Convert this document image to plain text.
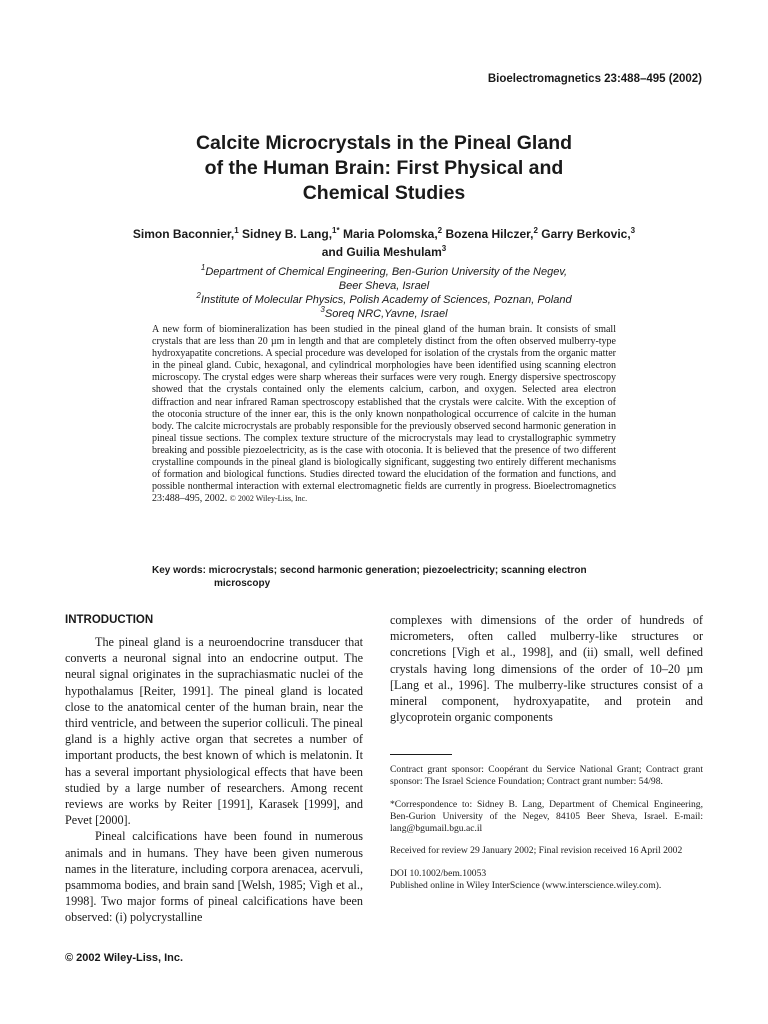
Bioelectromagnetics 23:488–495 (2002)
Calcite Microcrystals in the Pineal Gland
of the Human Brain: First Physical and
Chemical Studies
Simon Baconnier,$^1$ Sidney B. Lang,$^{1*}$ Maria Polomska,$^2$ Bozena Hilczer,$^2$ Garry Berkovic,$^3$
and Guilia Meshulam$^3$
$^1$Department of Chemical Engineering, Ben-Gurion University of the Negev,
Beer Sheva, Israel
$^2$Institute of Molecular Physics, Polish Academy of Sciences, Poznan, Poland
$^3$Soreq NRC,Yavne, Israel
A new form of biomineralization has been studied in the pineal gland of the human brain. It consists of small crystals that are less than 20 µm in length and that are completely distinct from the often observed mulberry-type hydroxyapatite concretions. A special procedure was developed for isolation of the crystals from the organic matter in the pineal gland. Cubic, hexagonal, and cylindrical morphologies have been identified using scanning electron microscopy. The crystal edges were sharp whereas their surfaces were very rough. Energy dispersive spectroscopy showed that the crystals contained only the elements calcium, carbon, and oxygen. Selected area electron diffraction and near infrared Raman spectroscopy established that the crystals were calcite. With the exception of the otoconia structure of the inner ear, this is the only known nonpathological occurrence of calcite in the human body. The calcite microcrystals are probably responsible for the previously observed second harmonic generation in pineal tissue sections. The complex texture structure of the microcrystals may lead to crystallographic symmetry breaking and possible piezoelectricity, as is the case with otoconia. It is believed that the presence of two different crystalline compounds in the pineal gland is biologically significant, suggesting two entirely different mechanisms of formation and biological functions. Studies directed toward the elucidation of the formation and functions, and possible nonthermal interaction with external electromagnetic fields are currently in progress. Bioelectromagnetics 23:488–495, 2002. © 2002 Wiley-Liss, Inc.
Key words: microcrystals; second harmonic generation; piezoelectricity; scanning electron microscopy
INTRODUCTION

The pineal gland is a neuroendocrine transducer that converts a neuronal signal into an endocrine output. The neural signal originates in the suprachiasmatic nuclei of the hypothalamus [Reiter, 1991]. The pineal gland is located close to the anatomical center of the human brain, near the third ventricle, and between the superior colliculi. The pineal gland is a highly active organ that secretes a number of important products, the best known of which is melatonin. It has a several important physiological effects that have been studied by a large number of researchers. Among recent reviews are works by Reiter [1991], Karasek [1999], and Pevet [2000].

Pineal calcifications have been found in numerous animals and in humans. They have been given numerous names in the literature, including corpora arenacea, acervuli, psammoma bodies, and brain sand [Welsh, 1985; Vigh et al., 1998]. Two major forms of pineal calcifications have been observed: (i) polycrystalline

complexes with dimensions of the order of hundreds of micrometers, often called mulberry-like structures or concretions [Vigh et al., 1998], and (ii) small, well defined crystals having long dimensions of the order of 10–20 µm [Lang et al., 1996]. The mulberry-like structures consist of a mineral component, hydroxyapatite, and protein and glycoprotein organic components

Contract grant sponsor: Coopérant du Service National Grant; Contract grant sponsor: The Israel Science Foundation; Contract grant number: 54/98.
*Correspondence to: Sidney B. Lang, Department of Chemical Engineering, Ben-Gurion University of the Negev, 84105 Beer Sheva, Israel. E-mail: lang@bgumail.bgu.ac.il
Received for review 29 January 2002; Final revision received 16 April 2002
DOI 10.1002/bem.10053
Published online in Wiley InterScience (www.interscience.wiley.com).
© 2002 Wiley-Liss, Inc.
